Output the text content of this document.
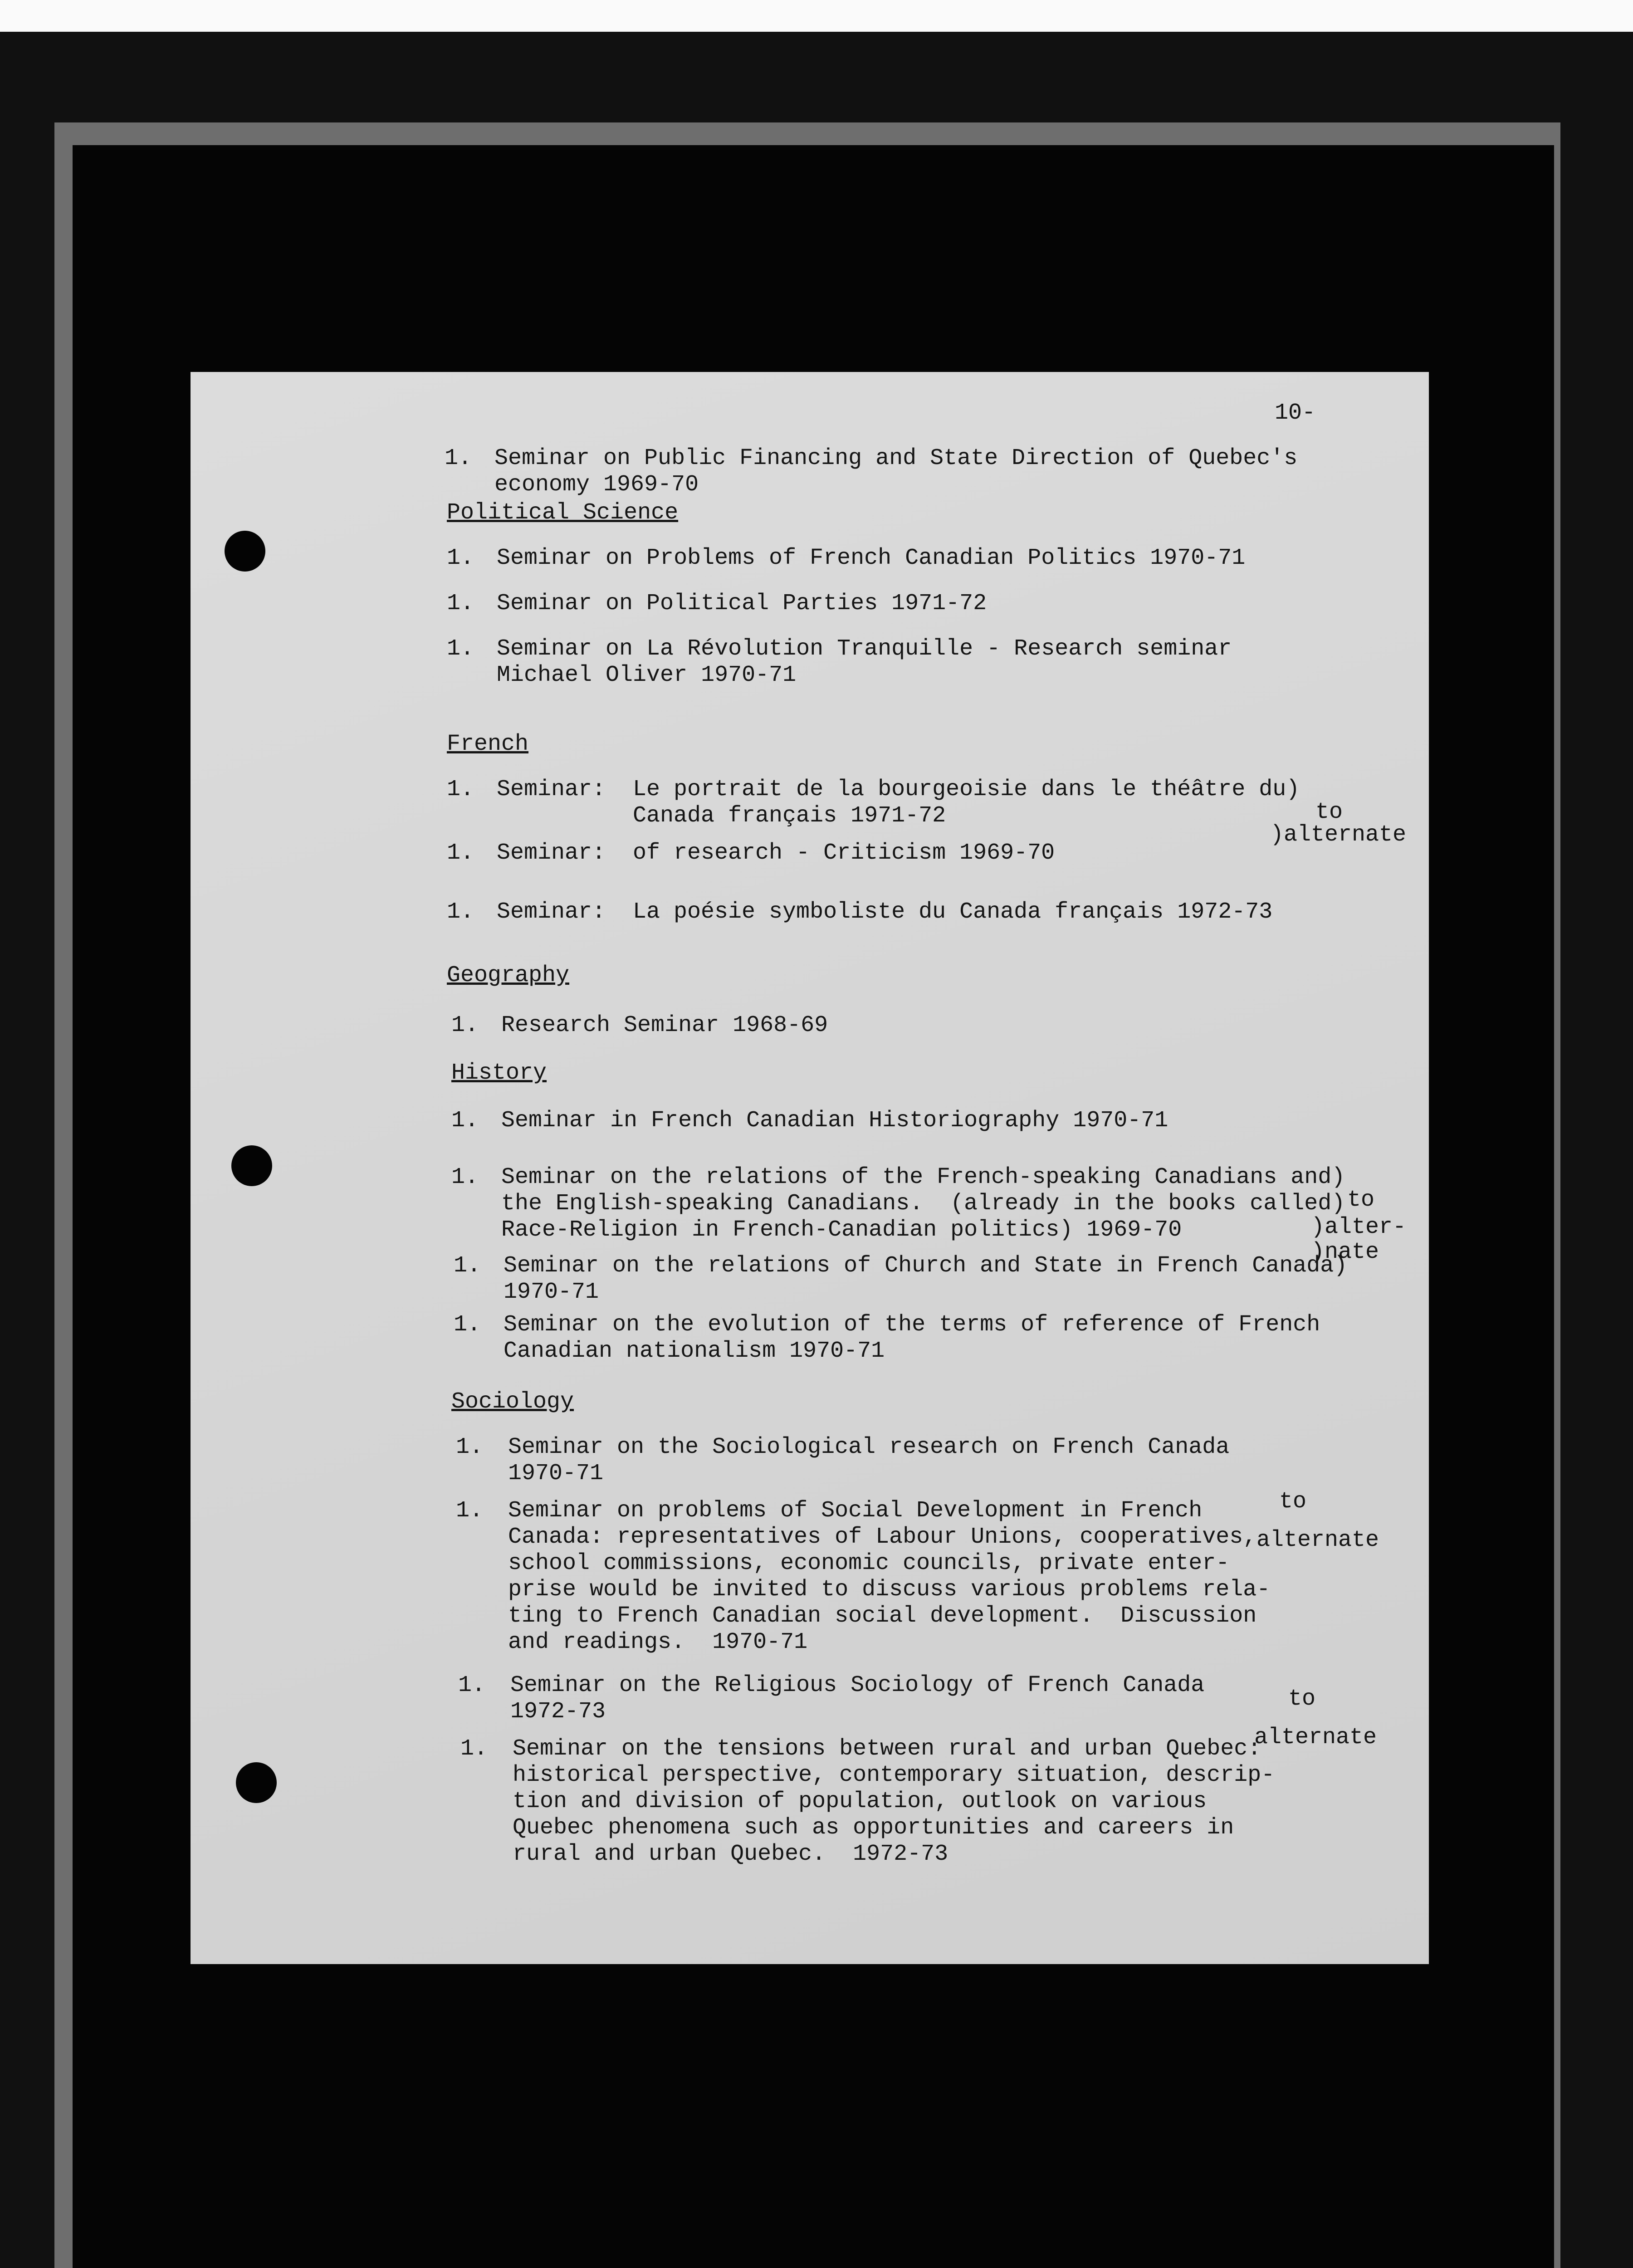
10-
1. Seminar on Public Financing and State Direction of Quebec's
economy 1969-70
Political Science
1. Seminar on Problems of French Canadian Politics 1970-71
1. Seminar on Political Parties 1971-72
1. Seminar on La Révolution Tranquille - Research seminar
Michael Oliver 1970-71
French
1. Seminar: Le portrait de la bourgeoisie dans le théâtre du)
Canada français 1971-72
1. Seminar: of research - Criticism 1969-70
to
)alternate
1. Seminar: La poésie symboliste du Canada français 1972-73
Geography
1. Research Seminar 1968-69
History
1. Seminar in French Canadian Historiography 1970-71
1. Seminar on the relations of the French-speaking Canadians and)
the English-speaking Canadians.  (already in the books called)
Race-Religion in French-Canadian politics) 1969-70
to
)alter-
)nate
1. Seminar on the relations of Church and State in French Canada)
1970-71
1. Seminar on the evolution of the terms of reference of French
Canadian nationalism 1970-71
Sociology
1. Seminar on the Sociological research on French Canada
1970-71
1. Seminar on problems of Social Development in French
Canada: representatives of Labour Unions, cooperatives,
school commissions, economic councils, private enter-
prise would be invited to discuss various problems rela-
ting to French Canadian social development.  Discussion
and readings.  1970-71
to
alternate
1. Seminar on the Religious Sociology of French Canada
1972-73	to
alternate
1. Seminar on the tensions between rural and urban Quebec:
historical perspective, contemporary situation, descrip-
tion and division of population, outlook on various
Quebec phenomena such as opportunities and careers in
rural and urban Quebec.  1972-73
